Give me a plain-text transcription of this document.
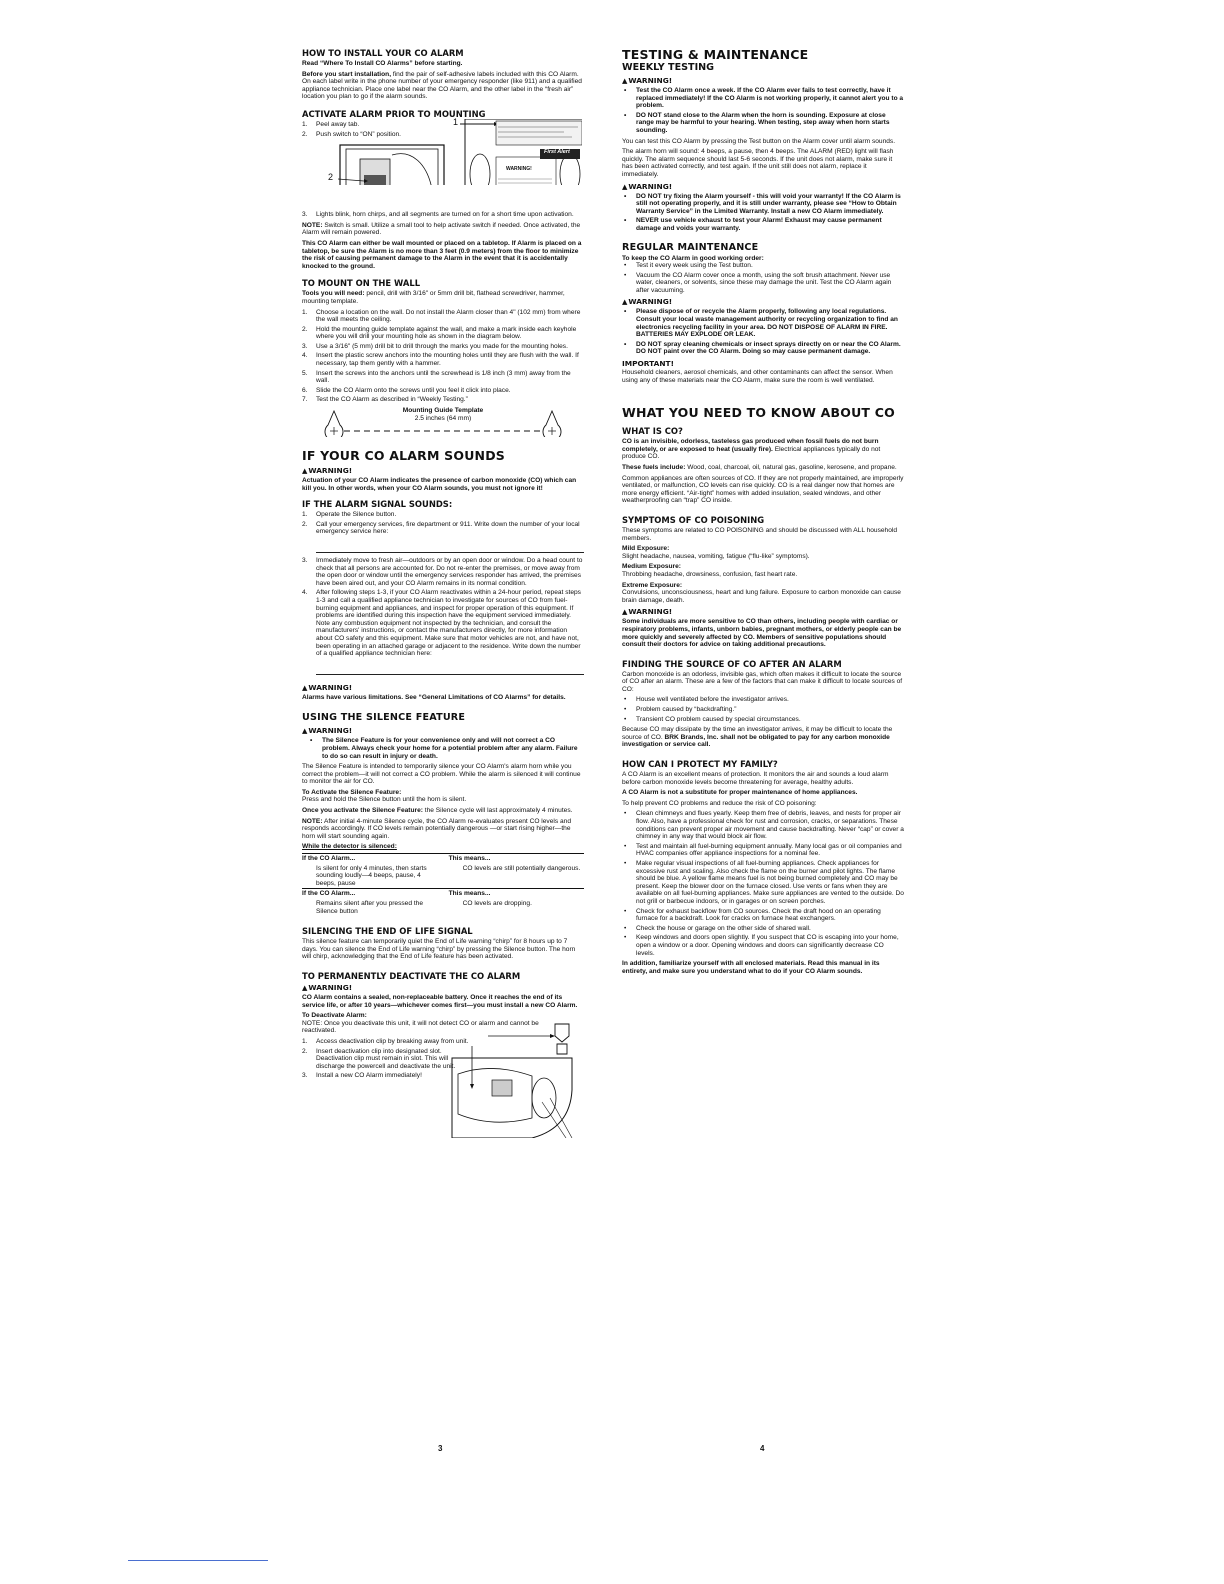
HOW TO INSTALL YOUR CO ALARM

Read “Where To Install CO Alarms” before starting.

Before you start installation, find the pair of self-adhesive labels included with this CO Alarm. On each label write in the phone number of your emergency responder (like 911) and a qualified appliance technician. Place one label near the CO Alarm, and the other label in the “fresh air” location you plan to go if the alarm sounds.

ACTIVATE ALARM PRIOR TO MOUNTING
1. Peel away tab.
2. Push switch to “ON” position.
1
First Alert
WARNING!
2
3. Lights blink, horn chirps, and all segments are turned on for a short time upon activation.

NOTE: Switch is small. Utilize a small tool to help activate switch if needed. Once activated, the Alarm will remain powered.

This CO Alarm can either be wall mounted or placed on a tabletop. If Alarm is placed on a tabletop, be sure the Alarm is no more than 3 feet (0.9 meters) from the floor to minimize the risk of causing permanent damage to the Alarm in the event that it is accidentally knocked to the ground.

TO MOUNT ON THE WALL

Tools you will need: pencil, drill with 3/16" or 5mm drill bit, flathead screwdriver, hammer, mounting template.

1. Choose a location on the wall. Do not install the Alarm closer than 4" (102 mm) from where the wall meets the ceiling.
2. Hold the mounting guide template against the wall, and make a mark inside each keyhole where you will drill your mounting hole as shown in the diagram below.
3. Use a 3/16" (5 mm) drill bit to drill through the marks you made for the mounting holes.
4. Insert the plastic screw anchors into the mounting holes until they are flush with the wall. If necessary, tap them gently with a hammer.
5. Insert the screws into the anchors until the screwhead is 1/8 inch (3 mm) away from the wall.
6. Slide the CO Alarm onto the screws until you feel it click into place.
7. Test the CO Alarm as described in “Weekly Testing.”
Mounting Guide Template
2.5 inches (64 mm)
IF YOUR CO ALARM SOUNDS
▲WARNING!

Actuation of your CO Alarm indicates the presence of carbon monoxide (CO) which can kill you. In other words, when your CO Alarm sounds, you must not ignore it!

IF THE ALARM SIGNAL SOUNDS:
1. Operate the Silence button.
2. Call your emergency services, fire department or 911. Write down the number of your local emergency service here:
3. Immediately move to fresh air—outdoors or by an open door or window. Do a head count to check that all persons are accounted for. Do not re-enter the premises, or move away from the open door or window until the emergency services responder has arrived, the premises have been aired out, and your CO Alarm remains in its normal condition.
4. After following steps 1-3, if your CO Alarm reactivates within a 24-hour period, repeat steps 1-3 and call a qualified appliance technician to investigate for sources of CO from fuel-burning equipment and appliances, and inspect for proper operation of this equipment. If problems are identified during this inspection have the equipment serviced immediately. Note any combustion equipment not inspected by the technician, and consult the manufacturers' instructions, or contact the manufacturers directly, for more information about CO safety and this equipment. Make sure that motor vehicles are not, and have not, been operating in an attached garage or adjacent to the residence. Write down the number of a qualified appliance technician here:
▲WARNING!

Alarms have various limitations. See “General Limitations of CO Alarms” for details.

USING THE SILENCE FEATURE
▲WARNING!
• The Silence Feature is for your convenience only and will not correct a CO problem. Always check your home for a potential problem after any alarm. Failure to do so can result in injury or death.

The Silence Feature is intended to temporarily silence your CO Alarm's alarm horn while you correct the problem—it will not correct a CO problem. While the alarm is silenced it will continue to monitor the air for CO.

To Activate the Silence Feature:

Press and hold the Silence button until the horn is silent.

Once you activate the Silence Feature: the Silence cycle will last approximately 4 minutes.

NOTE: After initial 4-minute Silence cycle, the CO Alarm re-evaluates present CO levels and responds accordingly. If CO levels remain potentially dangerous —or start rising higher—the horn will start sounding again.

While the detector is silenced:

If the CO Alarm...	This means...
Is silent for only 4 minutes, then starts sounding loudly—4 beeps, pause, 4 beeps, pause	CO levels are still potentially dangerous.
If the CO Alarm...	This means...
Remains silent after you pressed the Silence button	CO levels are dropping.
SILENCING THE END OF LIFE SIGNAL

This silence feature can temporarily quiet the End of Life warning “chirp” for 8 hours up to 7 days. You can silence the End of Life warning “chirp” by pressing the Silence button. The horn will chirp, acknowledging that the End of Life feature has been activated.

TO PERMANENTLY DEACTIVATE THE CO ALARM
▲WARNING!

CO Alarm contains a sealed, non-replaceable battery. Once it reaches the end of its service life, or after 10 years—whichever comes first—you must install a new CO Alarm.

To Deactivate Alarm:

NOTE: Once you deactivate this unit, it will not detect CO or alarm and cannot be reactivated.

1. Access deactivation clip by breaking away from unit.
2. Insert deactivation clip into designated slot. Deactivation clip must remain in slot. This will discharge the powercell and deactivate the unit.
3. Install a new CO Alarm immediately!
3
TESTING & MAINTENANCE
WEEKLY TESTING
▲WARNING!
• Test the CO Alarm once a week. If the CO Alarm ever fails to test correctly, have it replaced immediately! If the CO Alarm is not working properly, it cannot alert you to a problem.
• DO NOT stand close to the Alarm when the horn is sounding. Exposure at close range may be harmful to your hearing. When testing, step away when horn starts sounding.

You can test this CO Alarm by pressing the Test button on the Alarm cover until alarm sounds.

The alarm horn will sound: 4 beeps, a pause, then 4 beeps. The ALARM (RED) light will flash quickly. The alarm sequence should last 5-6 seconds. If the unit does not alarm, make sure it has been activated correctly, and test again. If the unit still does not alarm, replace it immediately.

▲WARNING!
• DO NOT try fixing the Alarm yourself - this will void your warranty! If the CO Alarm is still not operating properly, and it is still under warranty, please see “How to Obtain Warranty Service” in the Limited Warranty. Install a new CO Alarm immediately.
• NEVER use vehicle exhaust to test your Alarm! Exhaust may cause permanent damage and voids your warranty.
REGULAR MAINTENANCE

To keep the CO Alarm in good working order:

• Test it every week using the Test button.
• Vacuum the CO Alarm cover once a month, using the soft brush attachment. Never use water, cleaners, or solvents, since these may damage the unit. Test the CO Alarm again after vacuuming.
▲WARNING!
• Please dispose of or recycle the Alarm properly, following any local regulations. Consult your local waste management authority or recycling organization to find an electronics recycling facility in your area. DO NOT DISPOSE OF ALARM IN FIRE. BATTERIES MAY EXPLODE OR LEAK.
• DO NOT spray cleaning chemicals or insect sprays directly on or near the CO Alarm. DO NOT paint over the CO Alarm. Doing so may cause permanent damage.
IMPORTANT!

Household cleaners, aerosol chemicals, and other contaminants can affect the sensor. When using any of these materials near the CO Alarm, make sure the room is well ventilated.

WHAT YOU NEED TO KNOW ABOUT CO
WHAT IS CO?

CO is an invisible, odorless, tasteless gas produced when fossil fuels do not burn completely, or are exposed to heat (usually fire). Electrical appliances typically do not produce CO.

These fuels include: Wood, coal, charcoal, oil, natural gas, gasoline, kerosene, and propane.

Common appliances are often sources of CO. If they are not properly maintained, are improperly ventilated, or malfunction, CO levels can rise quickly. CO is a real danger now that homes are more energy efficient. “Air-tight” homes with added insulation, sealed windows, and other weatherproofing can “trap” CO inside.

SYMPTOMS OF CO POISONING

These symptoms are related to CO POISONING and should be discussed with ALL household members.

Mild Exposure:

Slight headache, nausea, vomiting, fatigue (“flu-like” symptoms).

Medium Exposure:

Throbbing headache, drowsiness, confusion, fast heart rate.

Extreme Exposure:

Convulsions, unconsciousness, heart and lung failure. Exposure to carbon monoxide can cause brain damage, death.

▲WARNING!

Some individuals are more sensitive to CO than others, including people with cardiac or respiratory problems, infants, unborn babies, pregnant mothers, or elderly people can be more quickly and severely affected by CO. Members of sensitive populations should consult their doctors for advice on taking additional precautions.

FINDING THE SOURCE OF CO AFTER AN ALARM

Carbon monoxide is an odorless, invisible gas, which often makes it difficult to locate the source of CO after an alarm. These are a few of the factors that can make it difficult to locate sources of CO:

• House well ventilated before the investigator arrives.
• Problem caused by “backdrafting.”
• Transient CO problem caused by special circumstances.

Because CO may dissipate by the time an investigator arrives, it may be difficult to locate the source of CO. BRK Brands, Inc. shall not be obligated to pay for any carbon monoxide investigation or service call.

HOW CAN I PROTECT MY FAMILY?

A CO Alarm is an excellent means of protection. It monitors the air and sounds a loud alarm before carbon monoxide levels become threatening for average, healthy adults.

A CO Alarm is not a substitute for proper maintenance of home appliances.

To help prevent CO problems and reduce the risk of CO poisoning:

• Clean chimneys and flues yearly. Keep them free of debris, leaves, and nests for proper air flow. Also, have a professional check for rust and corrosion, cracks, or separations. These conditions can prevent proper air movement and cause backdrafting. Never “cap” or cover a chimney in any way that would block air flow.
• Test and maintain all fuel-burning equipment annually. Many local gas or oil companies and HVAC companies offer appliance inspections for a nominal fee.
• Make regular visual inspections of all fuel-burning appliances. Check appliances for excessive rust and scaling. Also check the flame on the burner and pilot lights. The flame should be blue. A yellow flame means fuel is not being burned completely and CO may be present. Keep the blower door on the furnace closed. Use vents or fans when they are available on all fuel-burning appliances. Make sure appliances are vented to the outside. Do not grill or barbecue indoors, or in garages or on screen porches.
• Check for exhaust backflow from CO sources. Check the draft hood on an operating furnace for a backdraft. Look for cracks on furnace heat exchangers.
• Check the house or garage on the other side of shared wall.
• Keep windows and doors open slightly. If you suspect that CO is escaping into your home, open a window or a door. Opening windows and doors can significantly decrease CO levels.

In addition, familiarize yourself with all enclosed materials. Read this manual in its entirety, and make sure you understand what to do if your CO Alarm sounds.

4
